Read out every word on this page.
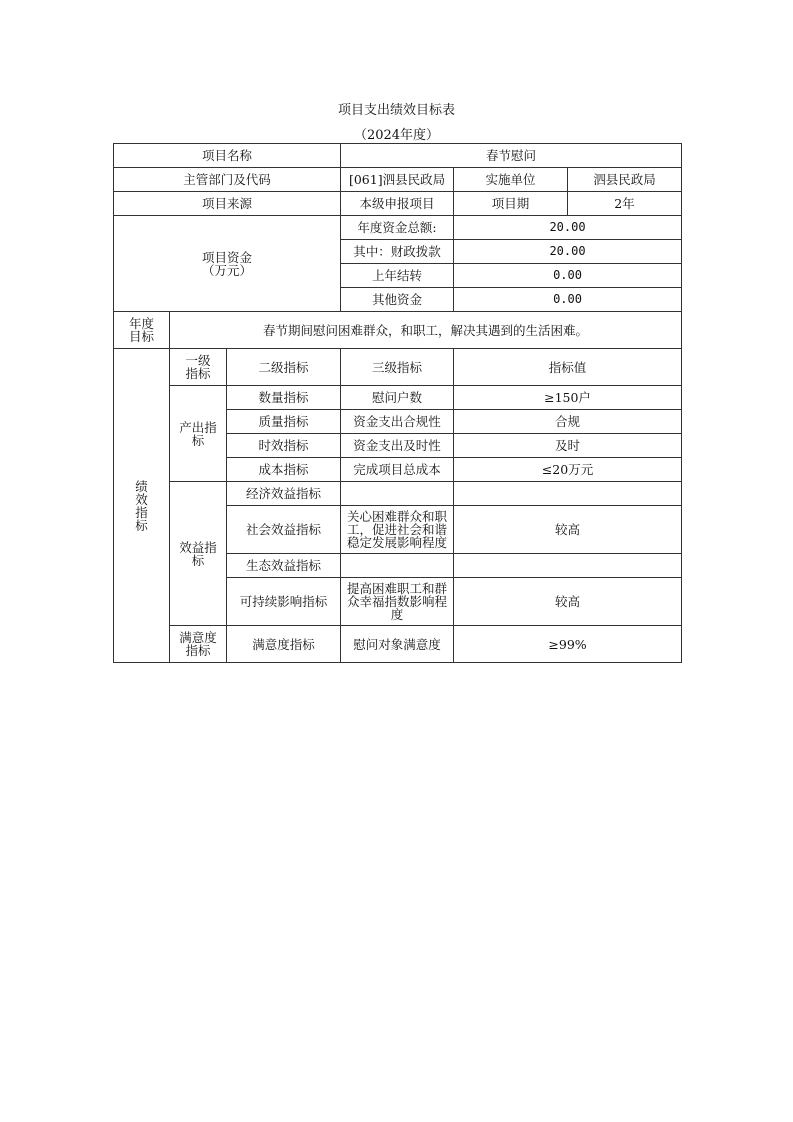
项目支出绩效目标表
（2024年度）
项目名称			春节慰问		
主管部门及代码			[061]泗县民政局	实施单位	泗县民政局
项目来源			本级申报项目	项目期	2年
项目资金
（万元）			年度资金总额:	20.00	
			其中：财政拨款	20.00	
			上年结转	0.00	
			其他资金	0.00	
年度目标	春节期间慰问困难群众，和职工，解决其遇到的生活困难。				
绩效指标	一级指标	二级指标	三级指标	指标值	
	产出指标	数量指标	慰问户数	≥150户	
		质量指标	资金支出合规性	合规	
		时效指标	资金支出及时性	及时	
		成本指标	完成项目总成本	≤20万元	
	效益指标	经济效益指标			
		社会效益指标	关心困难群众和职工，促进社会和谐稳定发展影响程度	较高	
		生态效益指标			
		可持续影响指标	提高困难职工和群众幸福指数影响程度	较高	
	满意度指标	满意度指标	慰问对象满意度	≥99%	
